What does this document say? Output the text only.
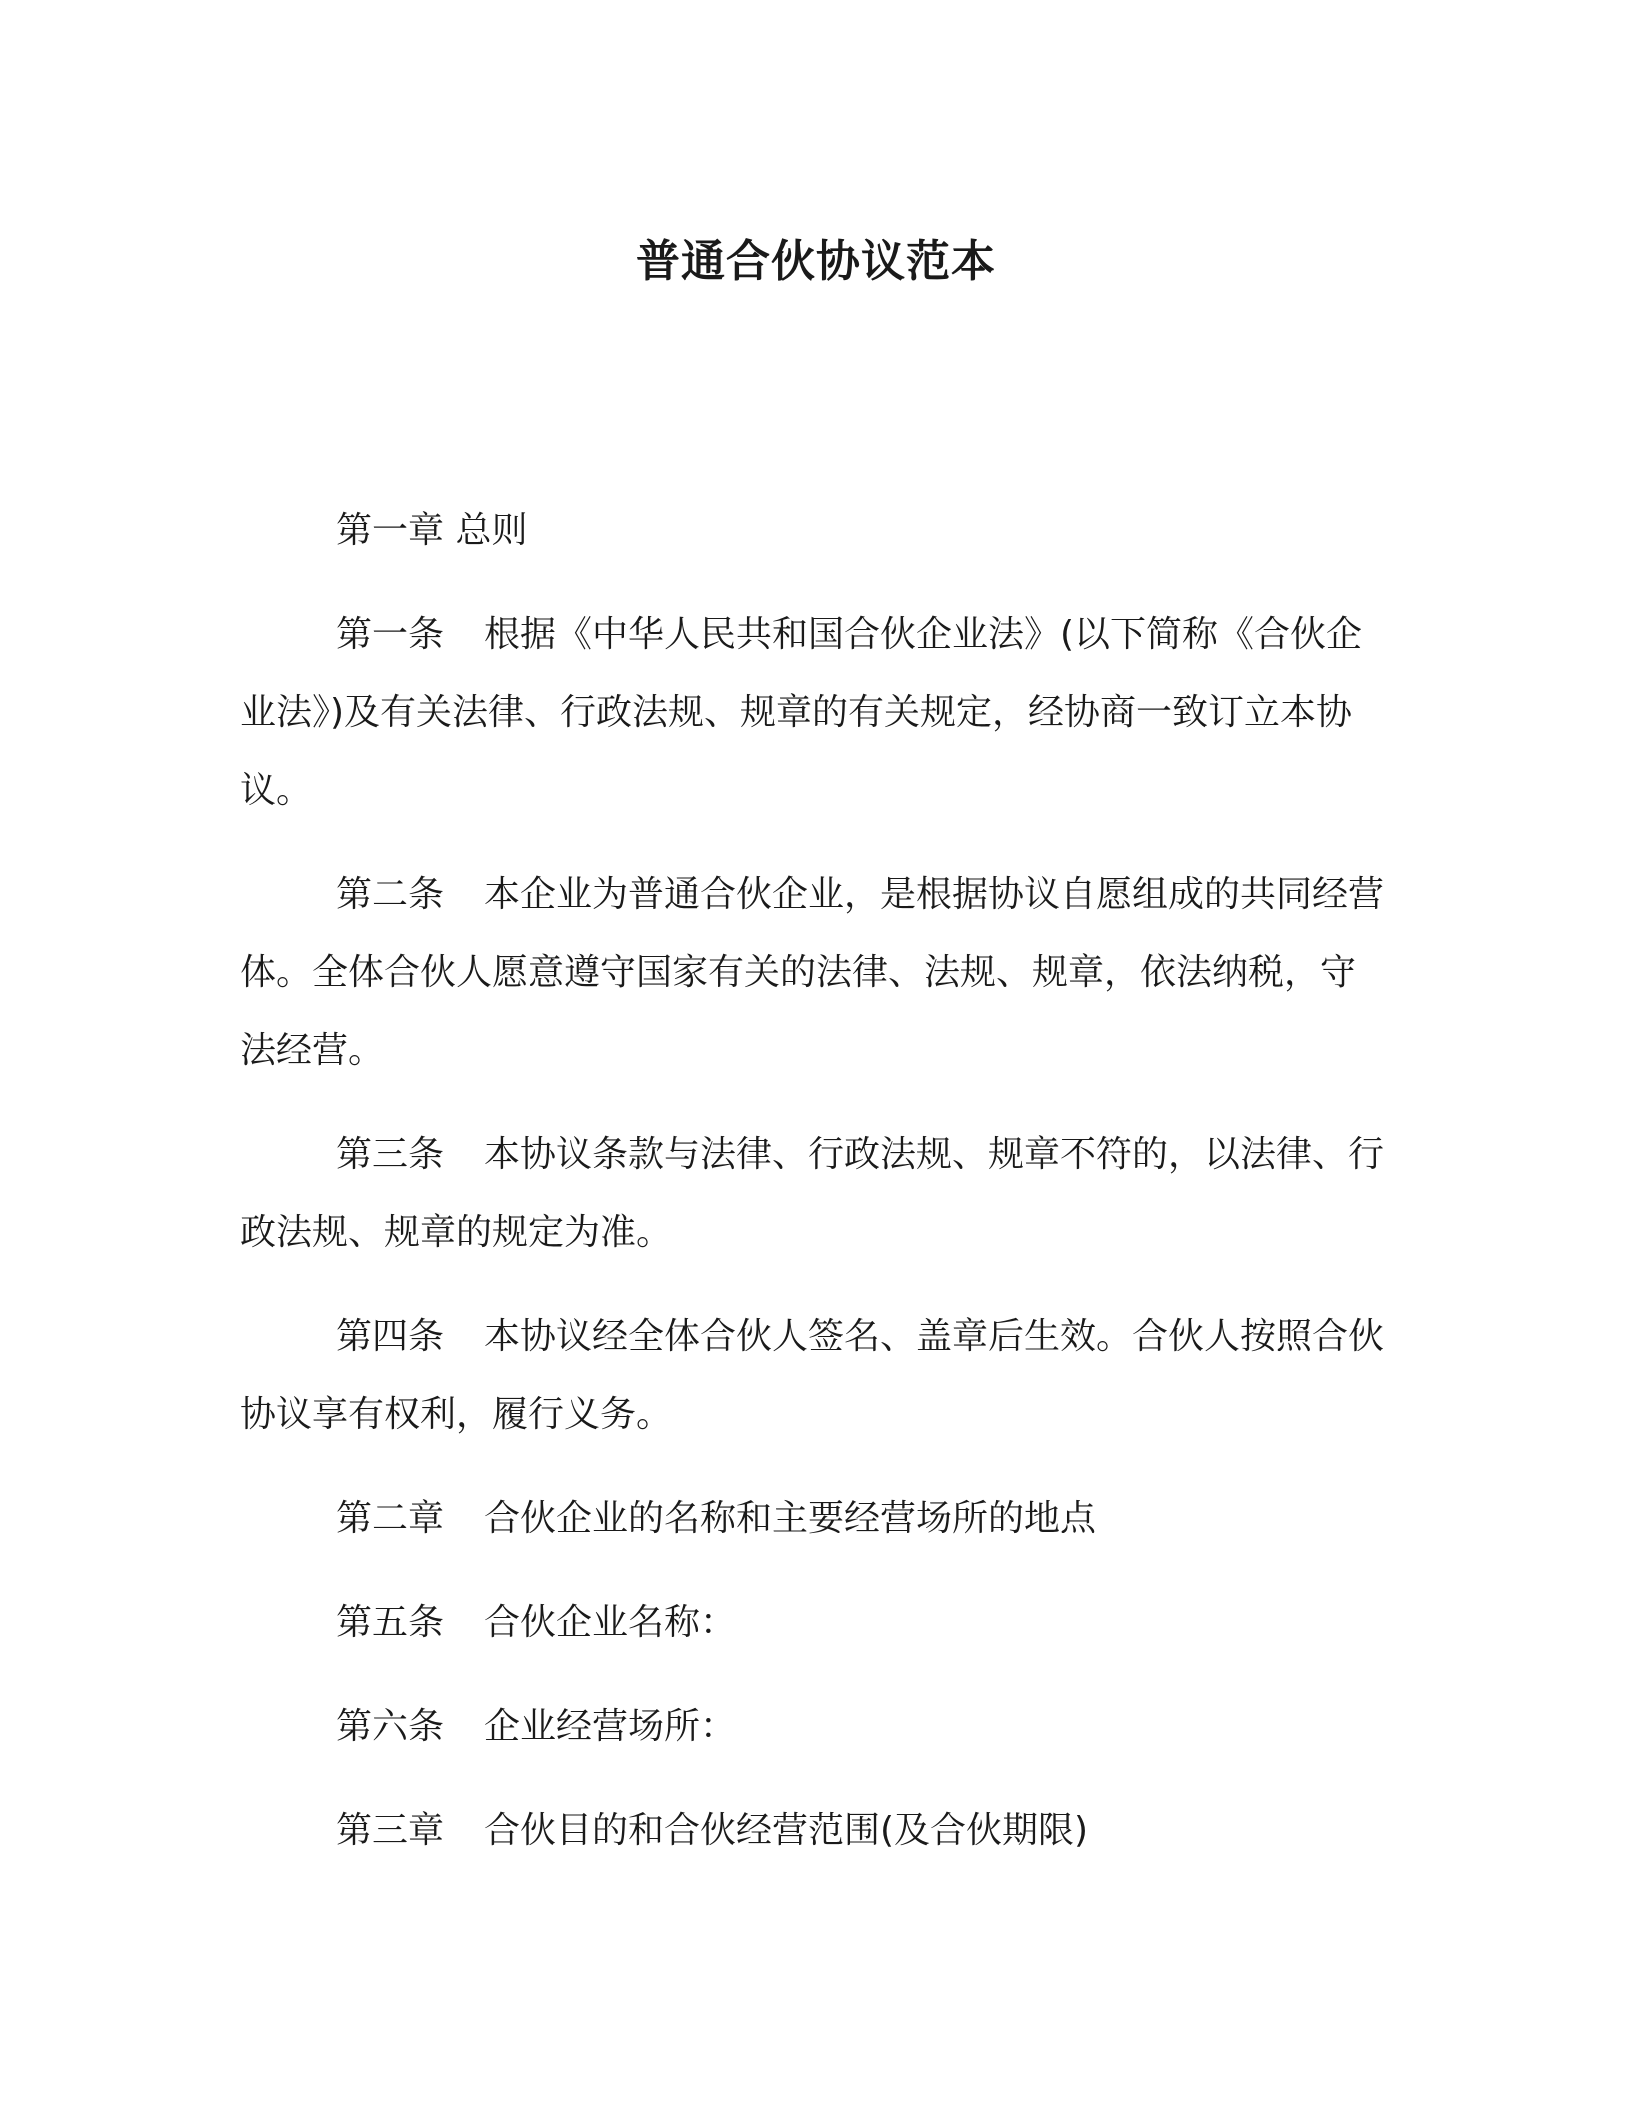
普通合伙协议范本

第一章 总则

第一条 根据《中华人民共和国合伙企业法》(以下简称《合伙企业法》)及有关法律、行政法规、规章的有关规定，经协商一致订立本协议。

第二条 本企业为普通合伙企业，是根据协议自愿组成的共同经营体。全体合伙人愿意遵守国家有关的法律、法规、规章，依法纳税，守法经营。

第三条 本协议条款与法律、行政法规、规章不符的，以法律、行政法规、规章的规定为准。

第四条 本协议经全体合伙人签名、盖章后生效。合伙人按照合伙协议享有权利，履行义务。

第二章 合伙企业的名称和主要经营场所的地点

第五条 合伙企业名称：

第六条 企业经营场所：

第三章 合伙目的和合伙经营范围(及合伙期限)
